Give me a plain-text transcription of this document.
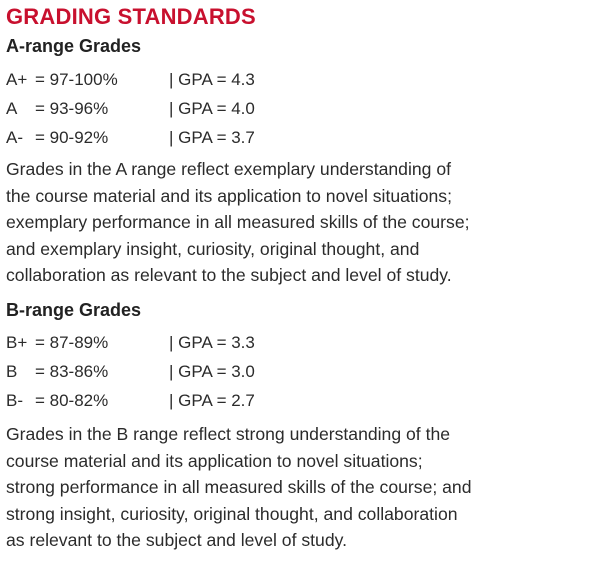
GRADING STANDARDS
A-range Grades
A+ = 97-100%	| GPA = 4.3
A	= 93-96%	| GPA = 4.0
A- = 90-92%	| GPA = 3.7

Grades in the A range reflect exemplary understanding of
the course material and its application to novel situations;
exemplary performance in all measured skills of the course;
and exemplary insight, curiosity, original thought, and
collaboration as relevant to the subject and level of study.

B-range Grades
B+ = 87-89%	| GPA = 3.3
B	= 83-86%	| GPA = 3.0
B- = 80-82%	| GPA = 2.7

Grades in the B range reflect strong understanding of the
course material and its application to novel situations;
strong performance in all measured skills of the course; and
strong insight, curiosity, original thought, and collaboration
as relevant to the subject and level of study.
